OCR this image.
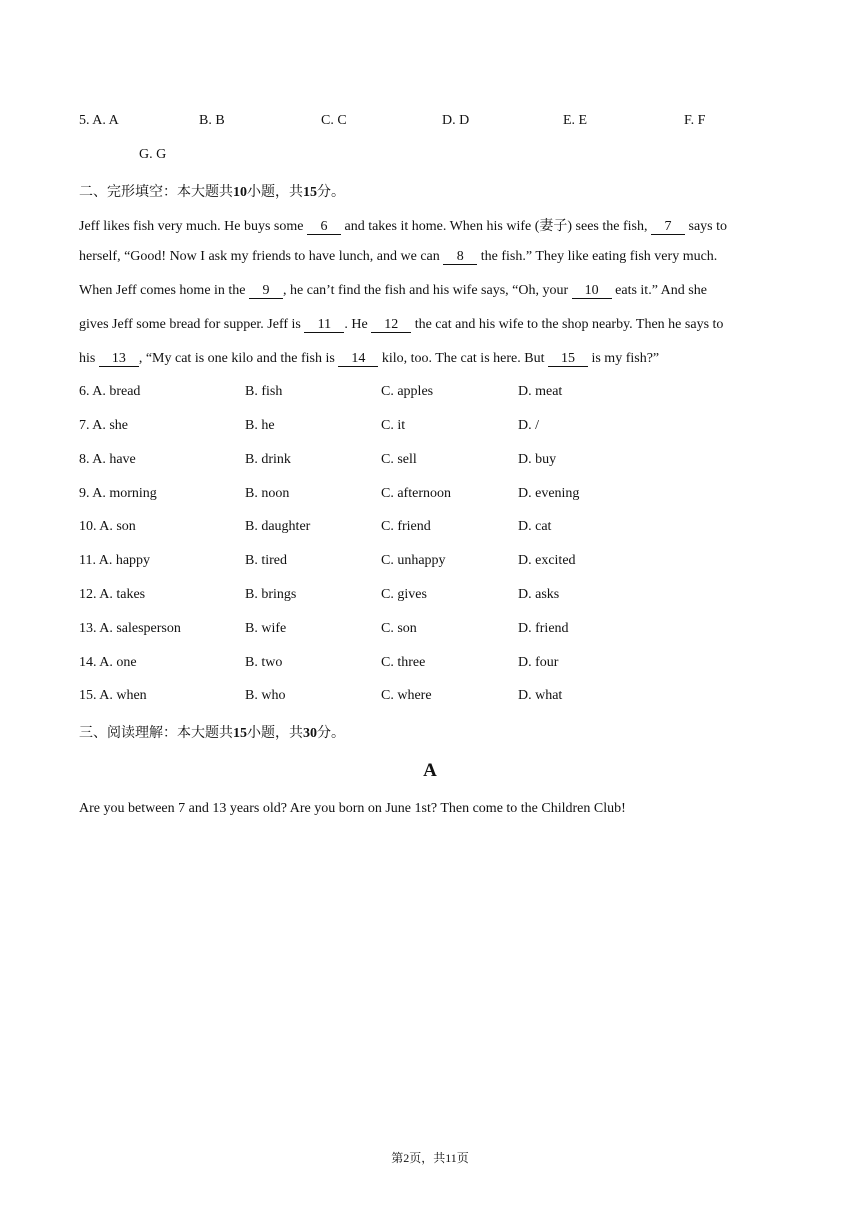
5. A. A	B. B	C. C	D. D	E. E	F. F
G. G
二、完形填空：本大题共10小题，共15分。
Jeff likes fish very much. He buys some 6 and takes it home. When his wife (妻子) sees the fish, 7 says to
herself, “Good! Now I ask my friends to have lunch, and we can 8 the fish.” They like eating fish very much.
When Jeff comes home in the 9 , he can’t find the fish and his wife says, “Oh, your 10 eats it.” And she
gives Jeff some bread for supper. Jeff is 11 . He 12 the cat and his wife to the shop nearby. Then he says to
his 13 , “My cat is one kilo and the fish is 14 kilo, too. The cat is here. But 15 is my fish?”
6. A. bread	B. fish	C. apples	D. meat
7. A. she	B. he	C. it	D. /
8. A. have	B. drink	C. sell	D. buy
9. A. morning	B. noon	C. afternoon	D. evening
10. A. son	B. daughter	C. friend	D. cat
11. A. happy	B. tired	C. unhappy	D. excited
12. A. takes	B. brings	C. gives	D. asks
13. A. salesperson	B. wife	C. son	D. friend
14. A. one	B. two	C. three	D. four
15. A. when	B. who	C. where	D. what
三、阅读理解：本大题共15小题，共30分。
A
Are you between 7 and 13 years old? Are you born on June 1st? Then come to the Children Club!
第2页，共11页
